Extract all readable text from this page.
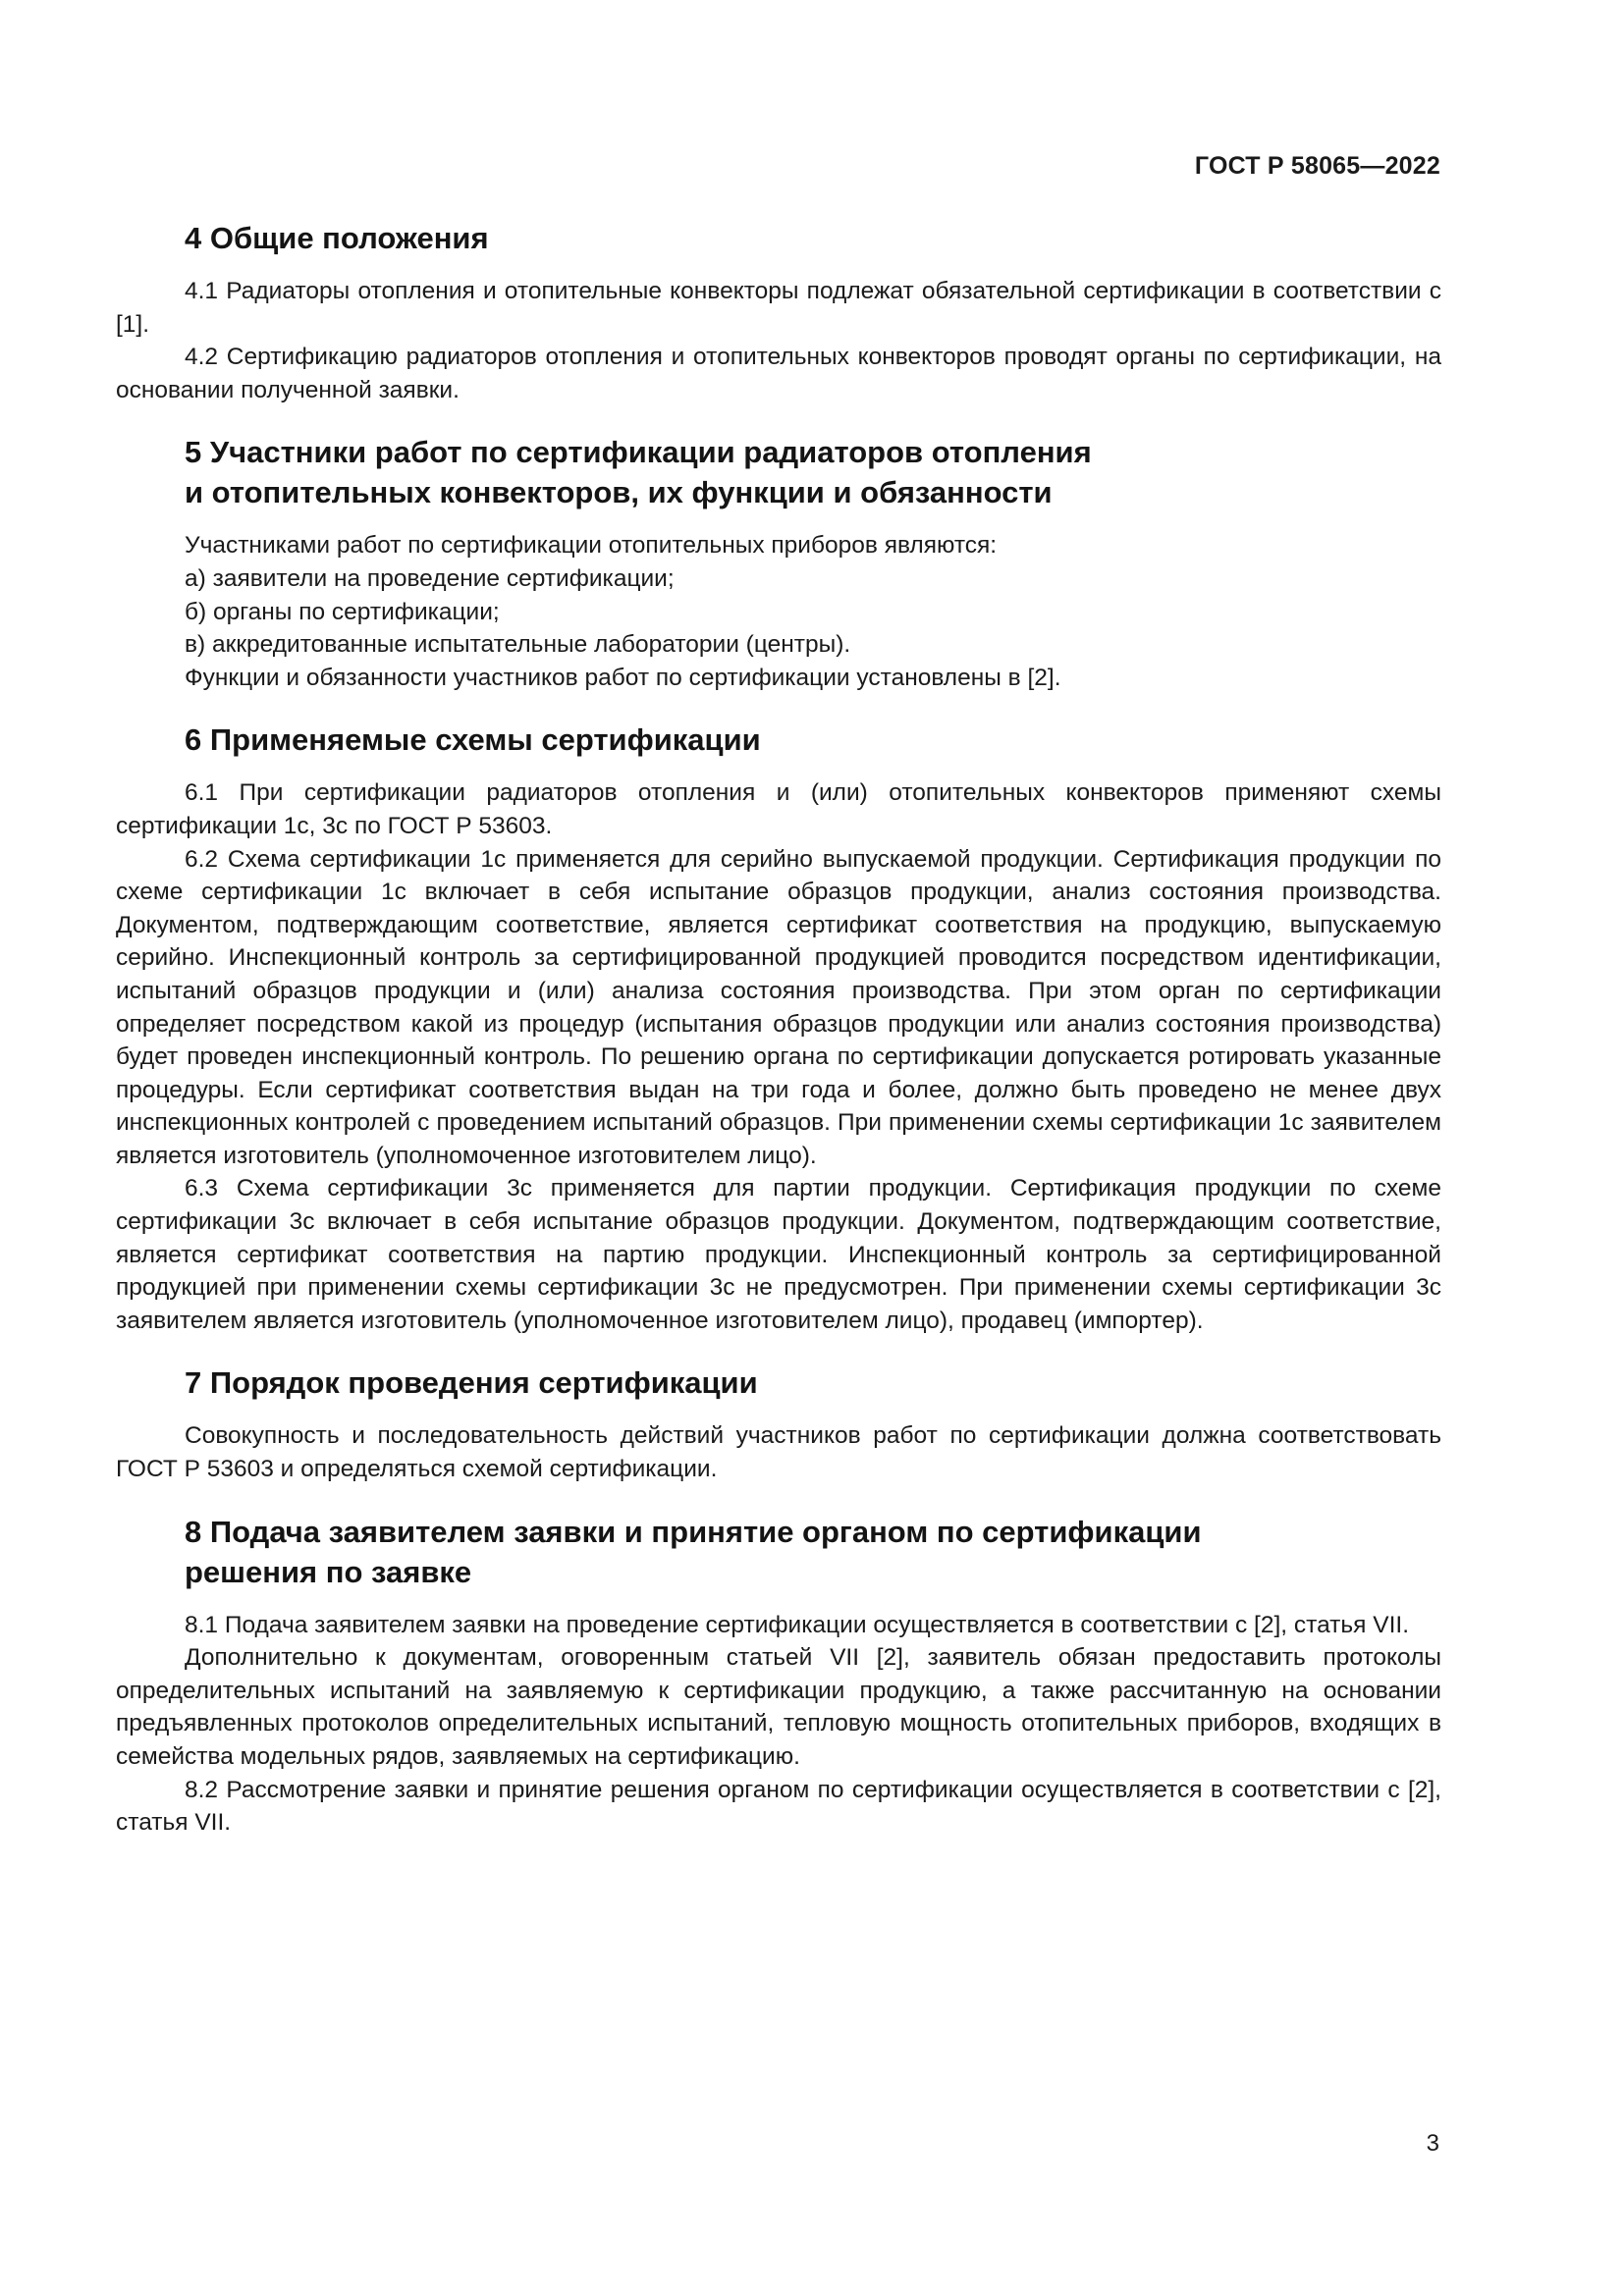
ГОСТ Р 58065—2022
4 Общие положения

4.1 Радиаторы отопления и отопительные конвекторы подлежат обязательной сертификации в соответствии с [1].

4.2 Сертификацию радиаторов отопления и отопительных конвекторов проводят органы по сертификации, на основании полученной заявки.

5 Участники работ по сертификации радиаторов отопления
и отопительных конвекторов, их функции и обязанности

Участниками работ по сертификации отопительных приборов являются:

а) заявители на проведение сертификации;

б) органы по сертификации;

в) аккредитованные испытательные лаборатории (центры).

Функции и обязанности участников работ по сертификации установлены в [2].

6 Применяемые схемы сертификации

6.1 При сертификации радиаторов отопления и (или) отопительных конвекторов применяют схемы сертификации 1с, 3с по ГОСТ Р 53603.

6.2 Схема сертификации 1с применяется для серийно выпускаемой продукции. Сертификация продукции по схеме сертификации 1с включает в себя испытание образцов продукции, анализ состояния производства. Документом, подтверждающим соответствие, является сертификат соответствия на продукцию, выпускаемую серийно. Инспекционный контроль за сертифицированной продукцией проводится посредством идентификации, испытаний образцов продукции и (или) анализа состояния производства. При этом орган по сертификации определяет посредством какой из процедур (испытания образцов продукции или анализ состояния производства) будет проведен инспекционный контроль. По решению органа по сертификации допускается ротировать указанные процедуры. Если сертификат соответствия выдан на три года и более, должно быть проведено не менее двух инспекционных контролей с проведением испытаний образцов. При применении схемы сертификации 1с заявителем является изготовитель (уполномоченное изготовителем лицо).

6.3 Схема сертификации 3с применяется для партии продукции. Сертификация продукции по схеме сертификации 3с включает в себя испытание образцов продукции. Документом, подтверждающим соответствие, является сертификат соответствия на партию продукции. Инспекционный контроль за сертифицированной продукцией при применении схемы сертификации 3с не предусмотрен. При применении схемы сертификации 3с заявителем является изготовитель (уполномоченное изготовителем лицо), продавец (импортер).

7 Порядок проведения сертификации

Совокупность и последовательность действий участников работ по сертификации должна соответствовать ГОСТ Р 53603 и определяться схемой сертификации.

8 Подача заявителем заявки и принятие органом по сертификации
решения по заявке

8.1 Подача заявителем заявки на проведение сертификации осуществляется в соответствии с [2], статья VII.

Дополнительно к документам, оговоренным статьей VII [2], заявитель обязан предоставить протоколы определительных испытаний на заявляемую к сертификации продукцию, а также рассчитанную на основании предъявленных протоколов определительных испытаний, тепловую мощность отопительных приборов, входящих в семейства модельных рядов, заявляемых на сертификацию.

8.2 Рассмотрение заявки и принятие решения органом по сертификации осуществляется в соответствии с [2], статья VII.

3
